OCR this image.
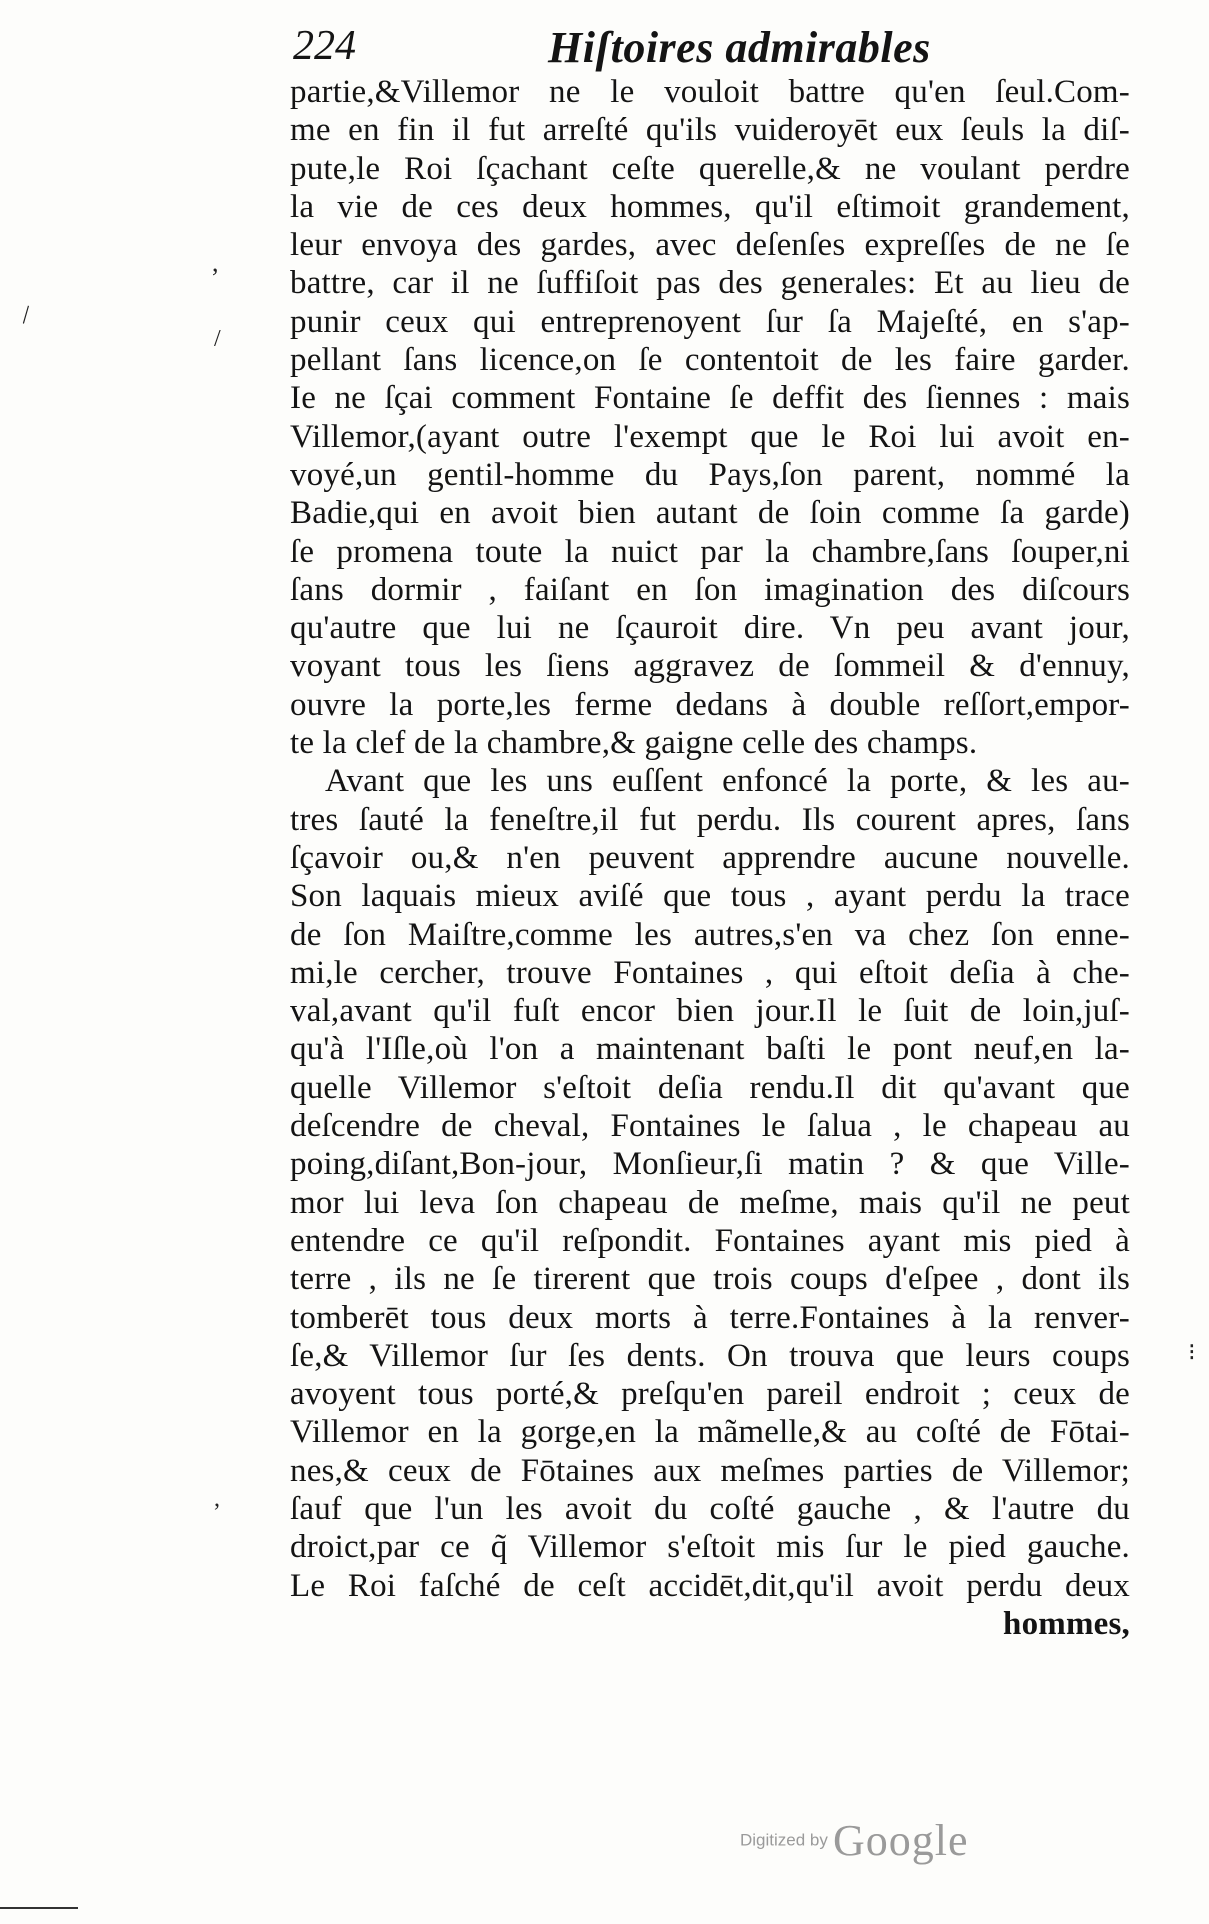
224	Hiſtoires admirables
partie,&Villemor ne le vouloit battre qu'en ſeul.Com-
me en fin il fut arreſté qu'ils vuideroyēt eux ſeuls la diſ-
pute,le Roi ſçachant ceſte querelle,& ne voulant perdre
la vie de ces deux hommes, qu'il eſtimoit grandement,
leur envoya des gardes, avec deſenſes expreſſes de ne ſe
battre, car il ne ſuffiſoit pas des generales: Et au lieu de
punir ceux qui entreprenoyent ſur ſa Majeſté, en s'ap-
pellant ſans licence,on ſe contentoit de les faire garder.
Ie ne ſçai comment Fontaine ſe deffit des ſiennes : mais
Villemor,(ayant outre l'exempt que le Roi lui avoit en-
voyé,un gentil-homme du Pays,ſon parent, nommé la
Badie,qui en avoit bien autant de ſoin comme ſa garde)
ſe promena toute la nuict par la chambre,ſans ſouper,ni
ſans dormir , faiſant en ſon imagination des diſcours
qu'autre que lui ne ſçauroit dire. Vn peu avant jour,
voyant tous les ſiens aggravez de ſommeil & d'ennuy,
ouvre la porte,les ferme dedans à double reſſort,empor-
te la clef de la chambre,& gaigne celle des champs.
Avant que les uns euſſent enfoncé la porte, & les au-
tres ſauté la feneſtre,il fut perdu. Ils courent apres, ſans
ſçavoir ou,& n'en peuvent apprendre aucune nouvelle.
Son laquais mieux aviſé que tous , ayant perdu la trace
de ſon Maiſtre,comme les autres,s'en va chez ſon enne-
mi,le cercher, trouve Fontaines , qui eſtoit deſia à che-
val,avant qu'il fuſt encor bien jour.Il le ſuit de loin,juſ-
qu'à l'Iſle,où l'on a maintenant baſti le pont neuf,en la-
quelle Villemor s'eſtoit deſia rendu.Il dit qu'avant que
deſcendre de cheval, Fontaines le ſalua , le chapeau au
poing,diſant,Bon-jour, Monſieur,ſi matin ? & que Ville-
mor lui leva ſon chapeau de meſme, mais qu'il ne peut
entendre ce qu'il reſpondit. Fontaines ayant mis pied à
terre , ils ne ſe tirerent que trois coups d'eſpee , dont ils
tomberēt tous deux morts à terre.Fontaines à la renver-
ſe,& Villemor ſur ſes dents. On trouva que leurs coups
avoyent tous porté,& preſqu'en pareil endroit ; ceux de
Villemor en la gorge,en la mãmelle,& au coſté de Fōtai-
nes,& ceux de Fōtaines aux meſmes parties de Villemor;
ſauf que l'un les avoit du coſté gauche , & l'autre du
droict,par ce q̃ Villemor s'eſtoit mis ſur le pied gauche.
Le Roi faſché de ceſt accidēt,dit,qu'il avoit perdu deux
hommes,
,
\
/
,
⁝
Digitized by Google
